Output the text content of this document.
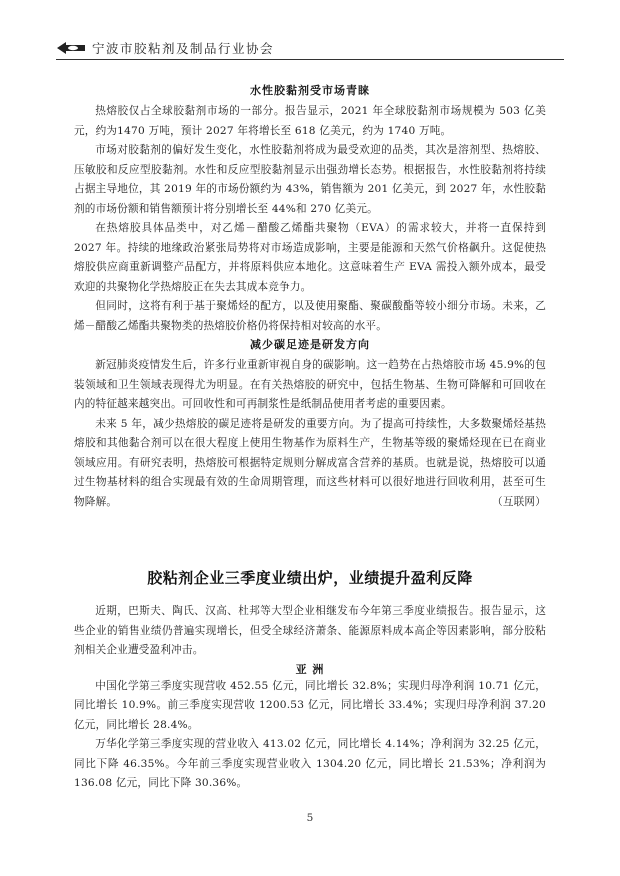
宁波市胶粘剂及制品行业协会
水性胶黏剂受市场青睐

热熔胶仅占全球胶黏剂市场的一部分。报告显示，2021 年全球胶黏剂市场规模为 503 亿美元，约为1470 万吨，预计 2027 年将增长至 618 亿美元，约为 1740 万吨。

市场对胶黏剂的偏好发生变化，水性胶黏剂将成为最受欢迎的品类，其次是溶剂型、热熔胶、压敏胶和反应型胶黏剂。水性和反应型胶黏剂显示出强劲增长态势。根据报告，水性胶黏剂将持续占据主导地位，其 2019 年的市场份额约为 43%，销售额为 201 亿美元，到 2027 年，水性胶黏剂的市场份额和销售额预计将分别增长至 44%和 270 亿美元。

在热熔胶具体品类中，对乙烯－醋酸乙烯酯共聚物（EVA）的需求较大，并将一直保持到 2027 年。持续的地缘政治紧张局势将对市场造成影响，主要是能源和天然气价格飙升。这促使热熔胶供应商重新调整产品配方，并将原料供应本地化。这意味着生产 EVA 需投入额外成本，最受欢迎的共聚物化学热熔胶正在失去其成本竞争力。

但同时，这将有利于基于聚烯烃的配方，以及使用聚酯、聚碳酸酯等较小细分市场。未来，乙烯－醋酸乙烯酯共聚物类的热熔胶价格仍将保持相对较高的水平。

减少碳足迹是研发方向

新冠肺炎疫情发生后，许多行业重新审视自身的碳影响。这一趋势在占热熔胶市场 45.9%的包装领域和卫生领域表现得尤为明显。在有关热熔胶的研究中，包括生物基、生物可降解和可回收在内的特征越来越突出。可回收性和可再制浆性是纸制品使用者考虑的重要因素。

未来 5 年，减少热熔胶的碳足迹将是研发的重要方向。为了提高可持续性，大多数聚烯烃基热熔胶和其他黏合剂可以在很大程度上使用生物基作为原料生产，生物基等级的聚烯烃现在已在商业领域应用。有研究表明，热熔胶可根据特定规则分解成富含营养的基质。也就是说，热熔胶可以通过生物基材料的组合实现最有效的生命周期管理，而这些材料可以很好地进行回收利用，甚至可生物降解。	（互联网）

胶粘剂企业三季度业绩出炉，业绩提升盈利反降

近期，巴斯夫、陶氏、汉高、杜邦等大型企业相继发布今年第三季度业绩报告。报告显示，这些企业的销售业绩仍普遍实现增长，但受全球经济萧条、能源原料成本高企等因素影响，部分胶粘剂相关企业遭受盈利冲击。

亚 洲

中国化学第三季度实现营收 452.55 亿元，同比增长 32.8%；实现归母净利润 10.71 亿元，同比增长 10.9%。前三季度实现营收 1200.53 亿元，同比增长 33.4%；实现归母净利润 37.20 亿元，同比增长 28.4%。

万华化学第三季度实现的营业收入 413.02 亿元，同比增长 4.14%；净利润为 32.25 亿元，同比下降 46.35%。今年前三季度实现营业收入 1304.20 亿元，同比增长 21.53%；净利润为 136.08 亿元，同比下降 30.36%。

5
